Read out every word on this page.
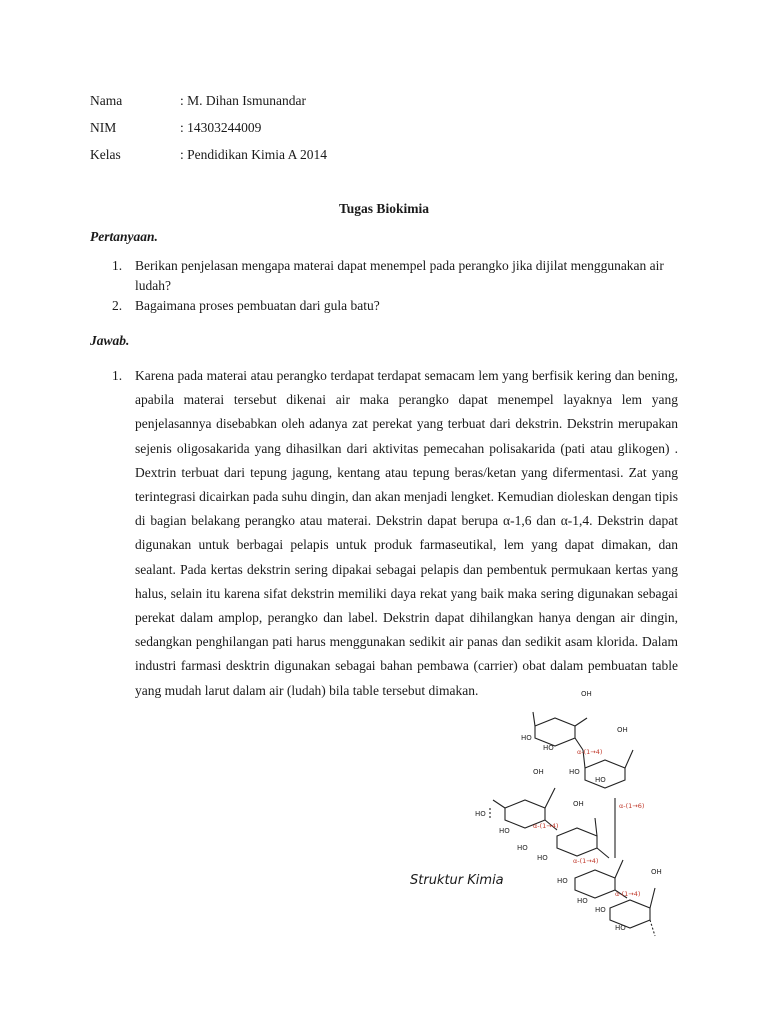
Nama	: M. Dihan Ismunandar
NIM	: 14303244009
Kelas	: Pendidikan Kimia A 2014
Tugas Biokimia
Pertanyaan.
1. Berikan penjelasan mengapa materai dapat menempel pada perangko jika dijilat menggunakan air ludah?
2. Bagaimana proses pembuatan dari gula batu?
Jawab.
1. Karena pada materai atau perangko terdapat terdapat semacam lem yang berfisik kering dan bening, apabila materai tersebut dikenai air maka perangko dapat menempel layaknya lem yang penjelasannya disebabkan oleh adanya zat perekat yang terbuat dari dekstrin. Dekstrin merupakan sejenis oligosakarida yang dihasilkan dari aktivitas pemecahan polisakarida (pati atau glikogen) . Dextrin terbuat dari tepung jagung, kentang atau tepung beras/ketan yang difermentasi. Zat yang terintegrasi dicairkan pada suhu dingin, dan akan menjadi lengket. Kemudian dioleskan dengan tipis di bagian belakang perangko atau materai. Dekstrin dapat berupa α-1,6 dan α-1,4. Dekstrin dapat digunakan untuk berbagai pelapis untuk produk farmaseutikal, lem yang dapat dimakan, dan sealant. Pada kertas dekstrin sering dipakai sebagai pelapis dan pembentuk permukaan kertas yang halus, selain itu karena sifat dekstrin memiliki daya rekat yang baik maka sering digunakan sebagai perekat dalam amplop, perangko dan label. Dekstrin dapat dihilangkan hanya dengan air dingin, sedangkan penghilangan pati harus menggunakan sedikit air panas dan sedikit asam klorida. Dalam industri farmasi desktrin digunakan sebagai bahan pembawa (carrier) obat dalam pembuatan table yang mudah larut dalam air (ludah) bila table tersebut dimakan.	OH
HO
HO
OH
HO
HO
OH
HO
HO
OH
HO
HO
OH
HO
HO
HO
HO
α-(1→4)
α-(1→6)
α-(1→4)
α-(1→4)
α-(1→4)
Struktur Kimia
